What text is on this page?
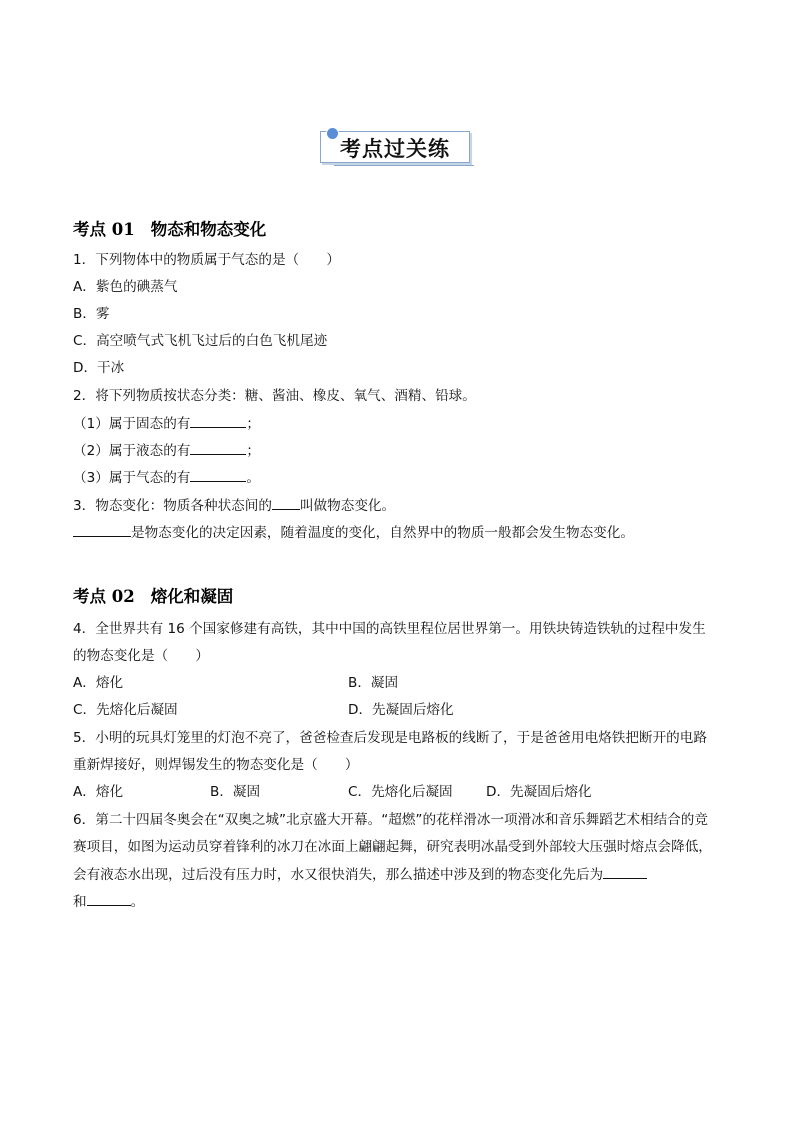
考点过关练
考点 01 物态和物态变化
1．下列物体中的物质属于气态的是（　　）
A．紫色的碘蒸气
B．雾
C．高空喷气式飞机飞过后的白色飞机尾迹
D．干冰
2．将下列物质按状态分类：糖、酱油、橡皮、氧气、酒精、铅球。
（1）属于固态的有	；
（2）属于液态的有	；
（3）属于气态的有	。
3．物态变化：物质各种状态间的 叫做物态变化。
是物态变化的决定因素，随着温度的变化，自然界中的物质一般都会发生物态变化。
考点 02 熔化和凝固
4．全世界共有 16 个国家修建有高铁，其中中国的高铁里程位居世界第一。用铁块铸造铁轨的过程中发生
的物态变化是（　　）
A．熔化	B．凝固
C．先熔化后凝固	D．先凝固后熔化
5．小明的玩具灯笼里的灯泡不亮了，爸爸检查后发现是电路板的线断了，于是爸爸用电烙铁把断开的电路
重新焊接好，则焊锡发生的物态变化是（　　）
A．熔化	B．凝固	C．先熔化后凝固 D．先凝固后熔化
6．第二十四届冬奥会在“双奥之城”北京盛大开幕。“超燃”的花样滑冰一项滑冰和音乐舞蹈艺术相结合的竞
赛项目，如图为运动员穿着锋利的冰刀在冰面上翩翩起舞，研究表明冰晶受到外部较大压强时熔点会降低，
会有液态水出现，过后没有压力时，水又很快消失，那么描述中涉及到的物态变化先后为
和	。
